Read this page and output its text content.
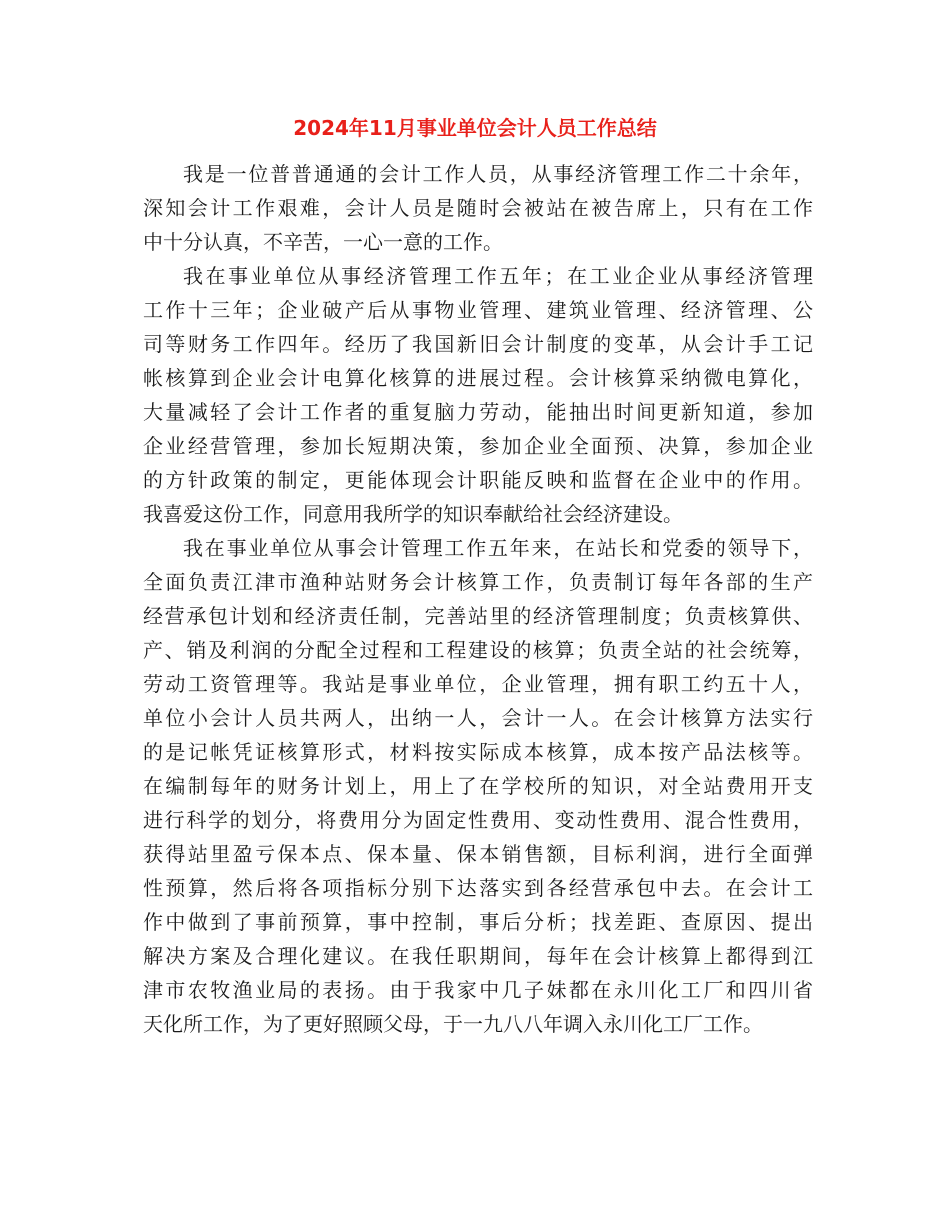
2024年11月事业单位会计人员工作总结
我是一位普普通通的会计工作人员，从事经济管理工作二十余年，
深知会计工作艰难，会计人员是随时会被站在被告席上，只有在工作
中十分认真，不辛苦，一心一意的工作。
我在事业单位从事经济管理工作五年；在工业企业从事经济管理
工作十三年；企业破产后从事物业管理、建筑业管理、经济管理、公
司等财务工作四年。经历了我国新旧会计制度的变革，从会计手工记
帐核算到企业会计电算化核算的进展过程。会计核算采纳微电算化，
大量减轻了会计工作者的重复脑力劳动，能抽出时间更新知道，参加
企业经营管理，参加长短期决策，参加企业全面预、决算，参加企业
的方针政策的制定，更能体现会计职能反映和监督在企业中的作用。
我喜爱这份工作，同意用我所学的知识奉献给社会经济建设。
我在事业单位从事会计管理工作五年来，在站长和党委的领导下，
全面负责江津市渔种站财务会计核算工作，负责制订每年各部的生产
经营承包计划和经济责任制，完善站里的经济管理制度；负责核算供、
产、销及利润的分配全过程和工程建设的核算；负责全站的社会统筹，
劳动工资管理等。我站是事业单位，企业管理，拥有职工约五十人，
单位小会计人员共两人，出纳一人，会计一人。在会计核算方法实行
的是记帐凭证核算形式，材料按实际成本核算，成本按产品法核等。
在编制每年的财务计划上，用上了在学校所的知识，对全站费用开支
进行科学的划分，将费用分为固定性费用、变动性费用、混合性费用，
获得站里盈亏保本点、保本量、保本销售额，目标利润，进行全面弹
性预算，然后将各项指标分别下达落实到各经营承包中去。在会计工
作中做到了事前预算，事中控制，事后分析；找差距、查原因、提出
解决方案及合理化建议。在我任职期间，每年在会计核算上都得到江
津市农牧渔业局的表扬。由于我家中几子妹都在永川化工厂和四川省
天化所工作，为了更好照顾父母，于一九八八年调入永川化工厂工作。
